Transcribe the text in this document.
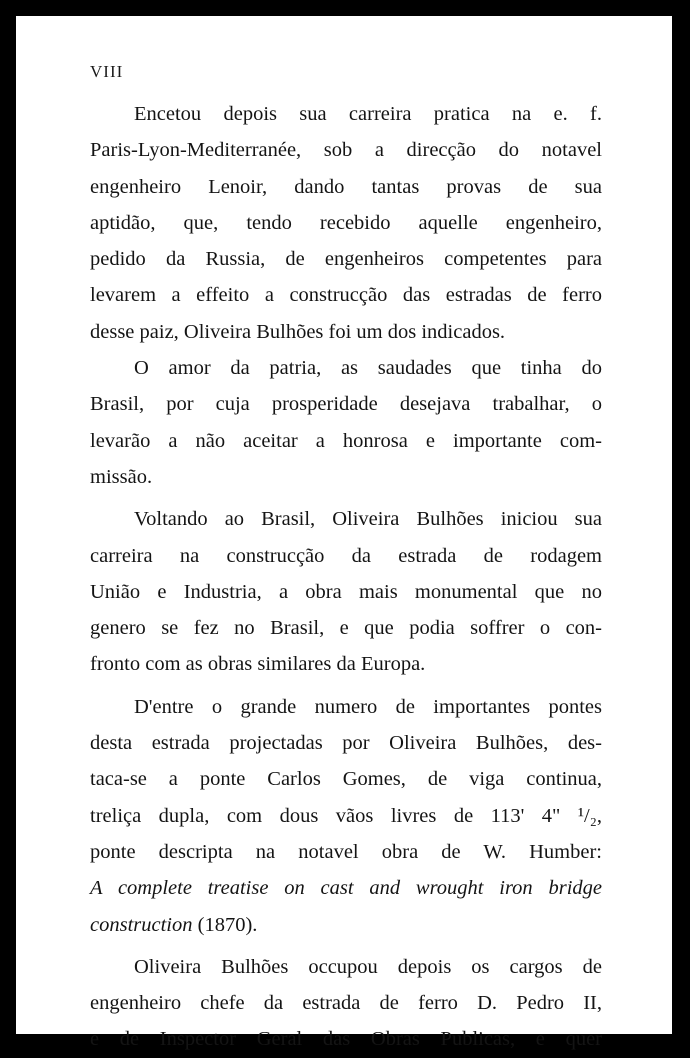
VIII
Encetou depois sua carreira pratica na e. f.
Paris-Lyon-Mediterranée, sob a direcção do notavel
engenheiro Lenoir, dando tantas provas de sua
aptidão, que, tendo recebido aquelle engenheiro,
pedido da Russia, de engenheiros competentes para
levarem a effeito a construcção das estradas de ferro
desse paiz, Oliveira Bulhões foi um dos indicados.
O amor da patria, as saudades que tinha do
Brasil, por cuja prosperidade desejava trabalhar, o
levarão a não aceitar a honrosa e importante com-
missão.
Voltando ao Brasil, Oliveira Bulhões iniciou sua
carreira na construcção da estrada de rodagem
União e Industria, a obra mais monumental que no
genero se fez no Brasil, e que podia soffrer o con-
fronto com as obras similares da Europa.
D'entre o grande numero de importantes pontes
desta estrada projectadas por Oliveira Bulhões, des-
taca-se a ponte Carlos Gomes, de viga continua,
treliça dupla, com dous vãos livres de 113' 4" ¹/₂,
ponte descripta na notavel obra de W. Humber:
A complete treatise on cast and wrought iron bridge
construction (1870).
Oliveira Bulhões occupou depois os cargos de
engenheiro chefe da estrada de ferro D. Pedro II,
e de Inspector Geral das Obras Publicas, e quer
